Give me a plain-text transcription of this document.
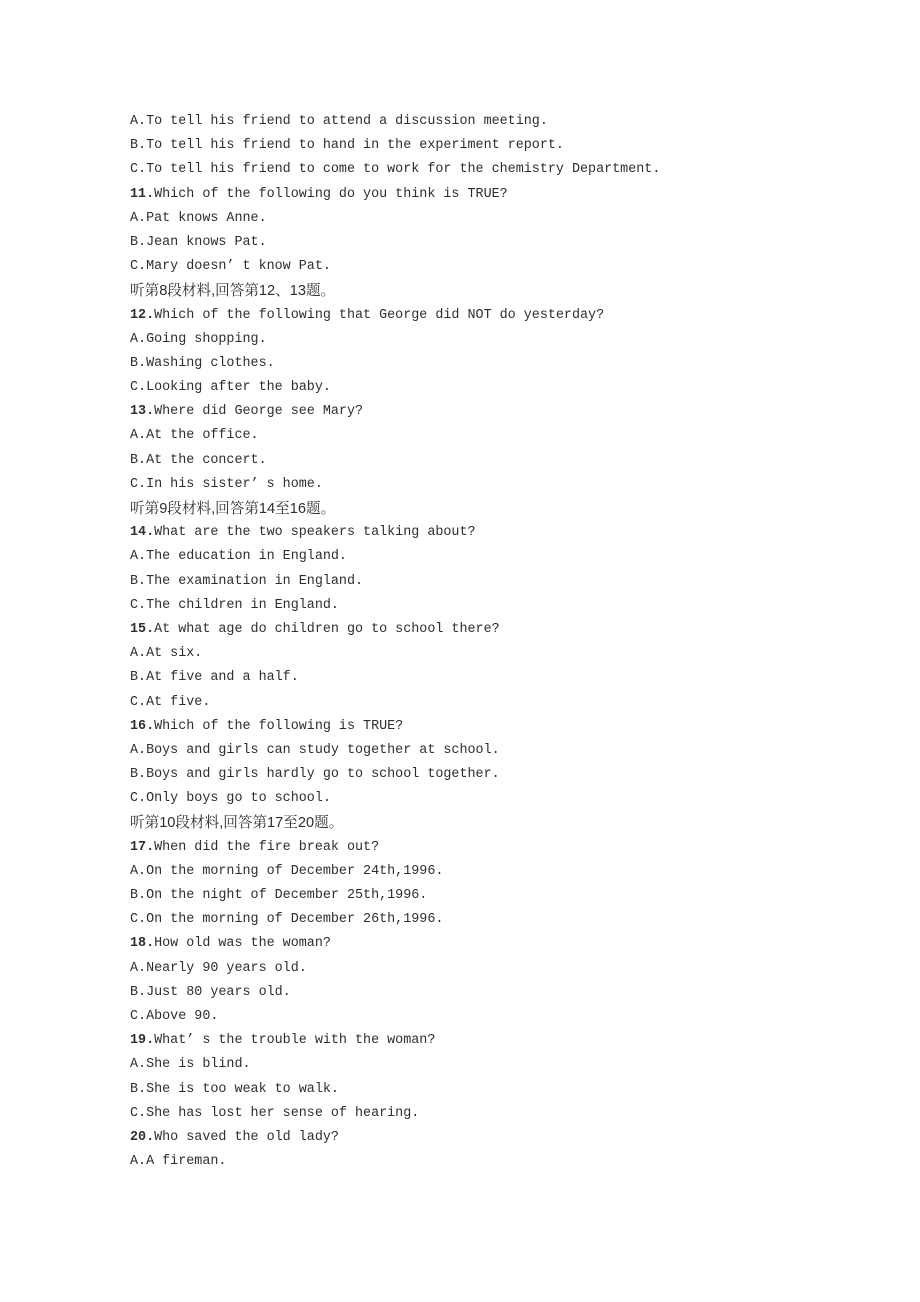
A.To tell his friend to attend a discussion meeting.
B.To tell his friend to hand in the experiment report.
C.To tell his friend to come to work for the chemistry Department.
11.Which of the following do you think is TRUE?
A.Pat knows Anne.
B.Jean knows Pat.
C.Mary doesn’ t know Pat.
听第8段材料,回答第12、13题。
12.Which of the following that George did NOT do yesterday?
A.Going shopping.
B.Washing clothes.
C.Looking after the baby.
13.Where did George see Mary?
A.At the office.
B.At the concert.
C.In his sister’ s home.
听第9段材料,回答第14至16题。
14.What are the two speakers talking about?
A.The education in England.
B.The examination in England.
C.The children in England.
15.At what age do children go to school there?
A.At six.
B.At five and a half.
C.At five.
16.Which of the following is TRUE?
A.Boys and girls can study together at school.
B.Boys and girls hardly go to school together.
C.Only boys go to school.
听第10段材料,回答第17至20题。
17.When did the fire break out?
A.On the morning of December 24th,1996.
B.On the night of December 25th,1996.
C.On the morning of December 26th,1996.
18.How old was the woman?
A.Nearly 90 years old.
B.Just 80 years old.
C.Above 90.
19.What’ s the trouble with the woman?
A.She is blind.
B.She is too weak to walk.
C.She has lost her sense of hearing.
20.Who saved the old lady?
A.A fireman.
